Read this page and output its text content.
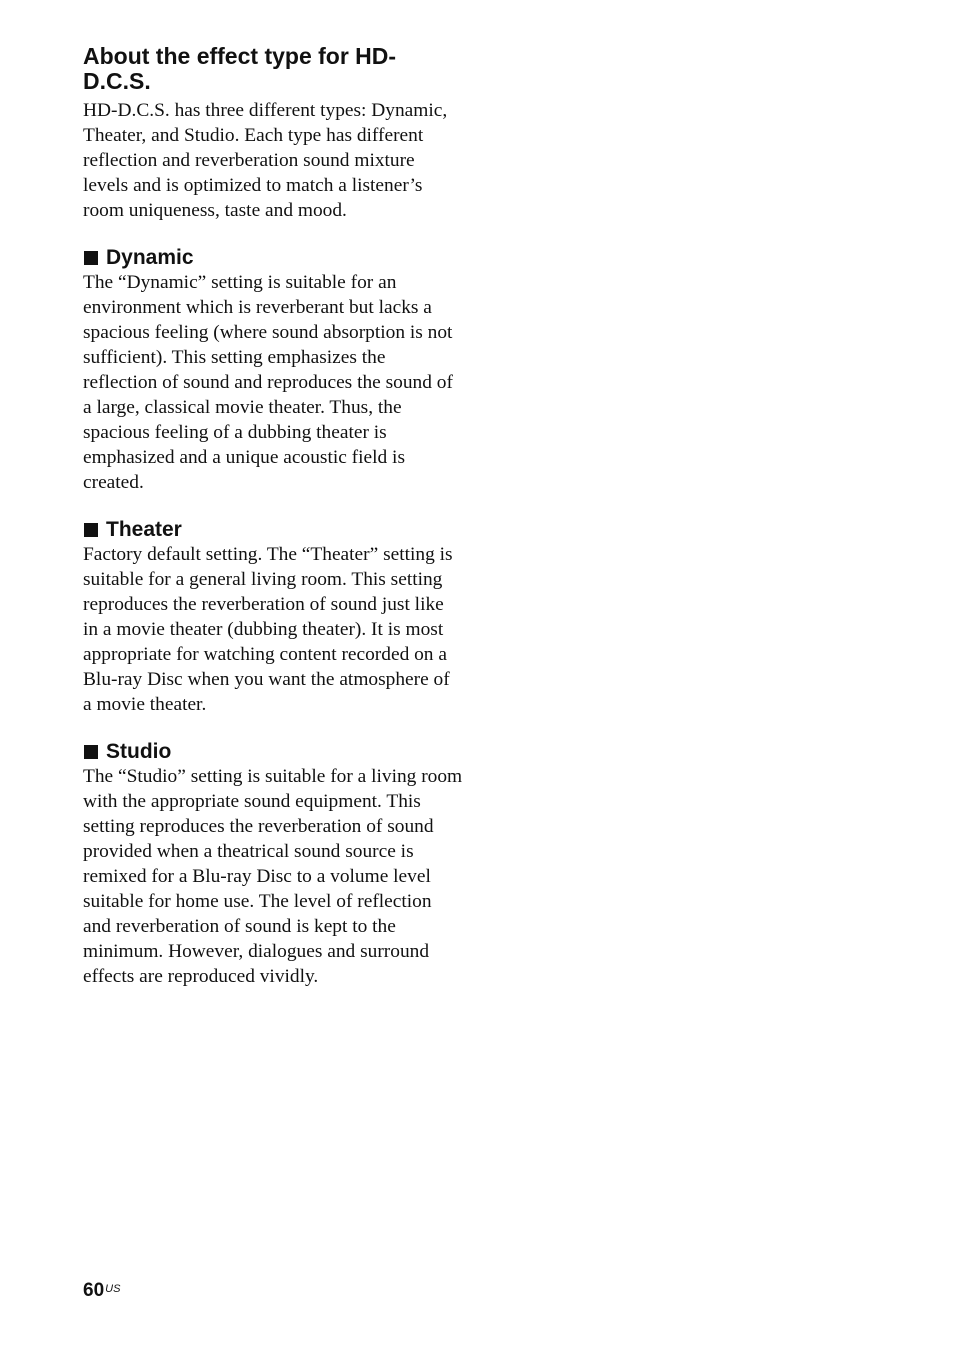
About the effect type for HD-D.C.S.

HD-D.C.S. has three different types: Dynamic, Theater, and Studio. Each type has different reflection and reverberation sound mixture levels and is optimized to match a listener’s room uniqueness, taste and mood.

Dynamic

The “Dynamic” setting is suitable for an environment which is reverberant but lacks a spacious feeling (where sound absorption is not sufficient). This setting emphasizes the reflection of sound and reproduces the sound of a large, classical movie theater. Thus, the spacious feeling of a dubbing theater is emphasized and a unique acoustic field is created.

Theater

Factory default setting. The “Theater” setting is suitable for a general living room. This setting reproduces the reverberation of sound just like in a movie theater (dubbing theater). It is most appropriate for watching content recorded on a Blu-ray Disc when you want the atmosphere of a movie theater.

Studio

The “Studio” setting is suitable for a living room with the appropriate sound equipment. This setting reproduces the reverberation of sound provided when a theatrical sound source is remixed for a Blu-ray Disc to a volume level suitable for home use. The level of reflection and reverberation of sound is kept to the minimum. However, dialogues and surround effects are reproduced vividly.

$60^{US}$
